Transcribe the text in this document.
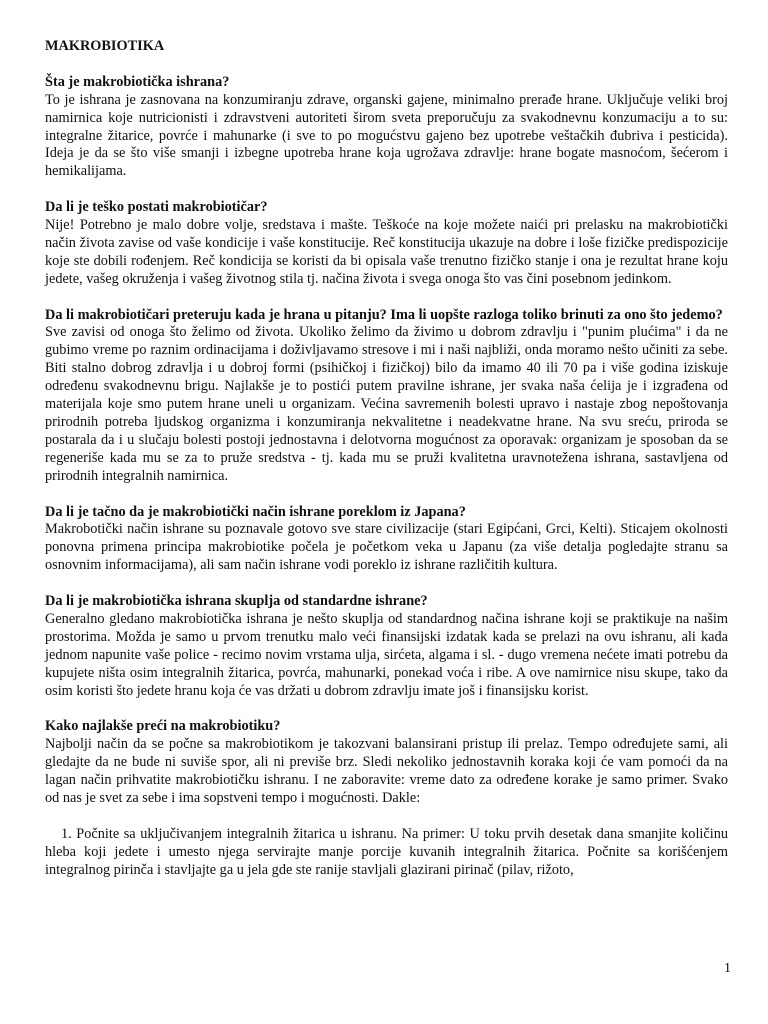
MAKROBIOTIKA

Šta je makrobiotička ishrana?

To je ishrana je zasnovana na konzumiranju zdrave, organski gajene, minimalno prerađe hrane. Uključuje veliki broj namirnica koje nutricionisti i zdravstveni autoriteti širom sveta preporučuju za svakodnevnu konzumaciju a to su: integralne žitarice, povrće i mahunarke (i sve to po mogućstvu gajeno bez upotrebe veštačkih đubriva i pesticida). Ideja je da se što više smanji i izbegne upotreba hrane koja ugrožava zdravlje: hrane bogate masnoćom, šećerom i hemikalijama.

Da li je teško postati makrobiotičar?

Nije! Potrebno je malo dobre volje, sredstava i mašte. Teškoće na koje možete naići pri prelasku na makrobiotički način života zavise od vaše kondicije i vaše konstitucije. Reč konstitucija ukazuje na dobre i loše fizičke predispozicije koje ste dobili rođenjem. Reč kondicija se koristi da bi opisala vaše trenutno fizičko stanje i ona je rezultat hrane koju jedete, vašeg okruženja i vašeg životnog stila tj. načina života i svega onoga što vas čini posebnom jedinkom.

Da li makrobiotičari preteruju kada je hrana u pitanju? Ima li uopšte razloga toliko brinuti za ono što jedemo?

Sve zavisi od onoga što želimo od života. Ukoliko želimo da živimo u dobrom zdravlju i "punim plućima" i da ne gubimo vreme po raznim ordinacijama i doživljavamo stresove i mi i naši najbliži, onda moramo nešto učiniti za sebe. Biti stalno dobrog zdravlja i u dobroj formi (psihičkoj i fizičkoj) bilo da imamo 40 ili 70 pa i više godina iziskuje određenu svakodnevnu brigu. Najlakše je to postići putem pravilne ishrane, jer svaka naša ćelija je i izgrađena od materijala koje smo putem hrane uneli u organizam. Većina savremenih bolesti upravo i nastaje zbog nepoštovanja prirodnih potreba ljudskog organizma i konzumiranja nekvalitetne i neadekvatne hrane. Na svu sreću, priroda se postarala da i u slučaju bolesti postoji jednostavna i delotvorna mogućnost za oporavak: organizam je sposoban da se regeneriše kada mu se za to pruže sredstva - tj. kada mu se pruži kvalitetna uravnotežena ishrana, sastavljena od prirodnih integralnih namirnica.

Da li je tačno da je makrobiotički način ishrane poreklom iz Japana?

Makrobotički način ishrane su poznavale gotovo sve stare civilizacije (stari Egipćani, Grci, Kelti). Sticajem okolnosti ponovna primena principa makrobiotike počela je početkom veka u Japanu (za više detalja pogledajte stranu sa osnovnim informacijama), ali sam način ishrane vodi poreklo iz ishrane različitih kultura.

Da li je makrobiotička ishrana skuplja od standardne ishrane?

Generalno gledano makrobiotička ishrana je nešto skuplja od standardnog načina ishrane koji se praktikuje na našim prostorima. Možda je samo u prvom trenutku malo veći finansijski izdatak kada se prelazi na ovu ishranu, ali kada jednom napunite vaše police - recimo novim vrstama ulja, sirćeta, algama i sl. - dugo vremena nećete imati potrebu da kupujete ništa osim integralnih žitarica, povrća, mahunarki, ponekad voća i ribe. A ove namirnice nisu skupe, tako da osim koristi što jedete hranu koja će vas držati u dobrom zdravlju imate još i finansijsku korist.

Kako najlakše preći na makrobiotiku?

Najbolji način da se počne sa makrobiotikom je takozvani balansirani pristup ili prelaz. Tempo određujete sami, ali gledajte da ne bude ni suviše spor, ali ni previše brz. Sledi nekoliko jednostavnih koraka koji će vam pomoći da na lagan način prihvatite makrobiotičku ishranu. I ne zaboravite: vreme dato za određene korake je samo primer. Svako od nas je svet za sebe i ima sopstveni tempo i mogućnosti. Dakle:

1. Počnite sa uključivanjem integralnih žitarica u ishranu. Na primer: U toku prvih desetak dana smanjite količinu hleba koji jedete i umesto njega servirajte manje porcije kuvanih integralnih žitarica. Počnite sa korišćenjem integralnog pirinča i stavljajte ga u jela gde ste ranije stavljali glazirani pirinač (pilav, rižoto,

1
